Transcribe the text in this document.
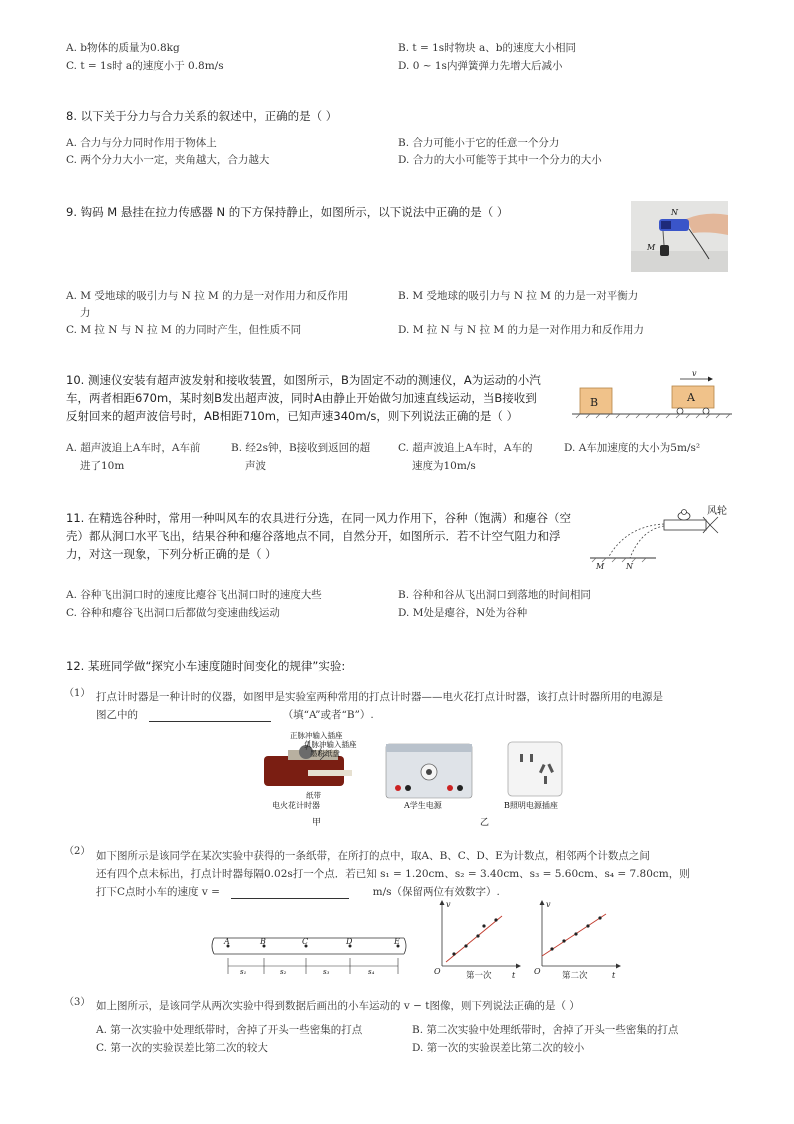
A. b物体的质量为0.8kg	B. t = 1s时物块 a、b的速度大小相同
C. t = 1s时 a的速度小于 0.8m/s	D. 0 ~ 1s内弹簧弹力先增大后减小
8. 以下关于分力与合力关系的叙述中，正确的是（ ）
A. 合力与分力同时作用于物体上	B. 合力可能小于它的任意一个分力
C. 两个分力大小一定，夹角越大，合力越大	D. 合力的大小可能等于其中一个分力的大小
9. 钩码 M 悬挂在拉力传感器 N 的下方保持静止，如图所示，以下说法中正确的是（ ）	N
M
A. M 受地球的吸引力与 N 拉 M 的力是一对作用力和反作用
力
B. M 受地球的吸引力与 N 拉 M 的力是一对平衡力
C. M 拉 N 与 N 拉 M 的力同时产生，但性质不同	D. M 拉 N 与 N 拉 M 的力是一对作用力和反作用力
10. 测速仪安装有超声波发射和接收装置，如图所示，B为固定不动的测速仪，A为运动的小汽
车，两者相距670m，某时刻B发出超声波，同时A由静止开始做匀加速直线运动，当B接收到
反射回来的超声波信号时，AB相距710m，已知声速340m/s，则下列说法正确的是（ ）
B	A
v
A. 超声波追上A车时，A车前
进了10m
B. 经2s钟，B接收到返回的超
声波
C. 超声波追上A车时，A车的
速度为10m/s
D. A车加速度的大小为5m/s²
11. 在精选谷种时，常用一种叫风车的农具进行分选，在同一风力作用下，谷种（饱满）和瘪谷（空
壳）都从洞口水平飞出，结果谷种和瘪谷落地点不同，自然分开，如图所示．若不计空气阻力和浮
力，对这一现象，下列分析正确的是（ ）
风轮
M	N
A. 谷种飞出洞口时的速度比瘪谷飞出洞口时的速度大些	B. 谷种和谷从飞出洞口到落地的时间相同
C. 谷种和瘪谷飞出洞口后都做匀变速曲线运动	D. M处是瘪谷，N处为谷种
12. 某班同学做“探究小车速度随时间变化的规律”实验:
（1） 打点计时器是一种计时的仪器，如图甲是实验室两种常用的打点计时器——电火花打点计时器，该打点计时器所用的电源是
图乙中的	（填“A”或者“B”）.
正脉冲输入插座
负脉冲输入插座
墨粉纸盘
纸带
电火花计时器	A学生电源	B照明电源插座
甲	乙
（2） 如下图所示是该同学在某次实验中获得的一条纸带，在所打的点中，取A、B、C、D、E为计数点，相邻两个计数点之间
还有四个点未标出，打点计时器每隔0.02s打一个点．若已知 s₁ = 1.20cm、s₂ = 3.40cm、s₃ = 5.60cm、s₄ = 7.80cm，则
打下C点时小车的速度 v =	m/s（保留两位有效数字）.
A	B	C	D	E
s₁	s₂	s₃	s₄
v
t
O	第一次
v
t
O	第二次
（3） 如上图所示，是该同学从两次实验中得到数据后画出的小车运动的 v − t图像，则下列说法正确的是（ ）
A. 第一次实验中处理纸带时，舍掉了开头一些密集的打点	B. 第二次实验中处理纸带时，舍掉了开头一些密集的打点
C. 第一次的实验误差比第二次的较大	D. 第一次的实验误差比第二次的较小
